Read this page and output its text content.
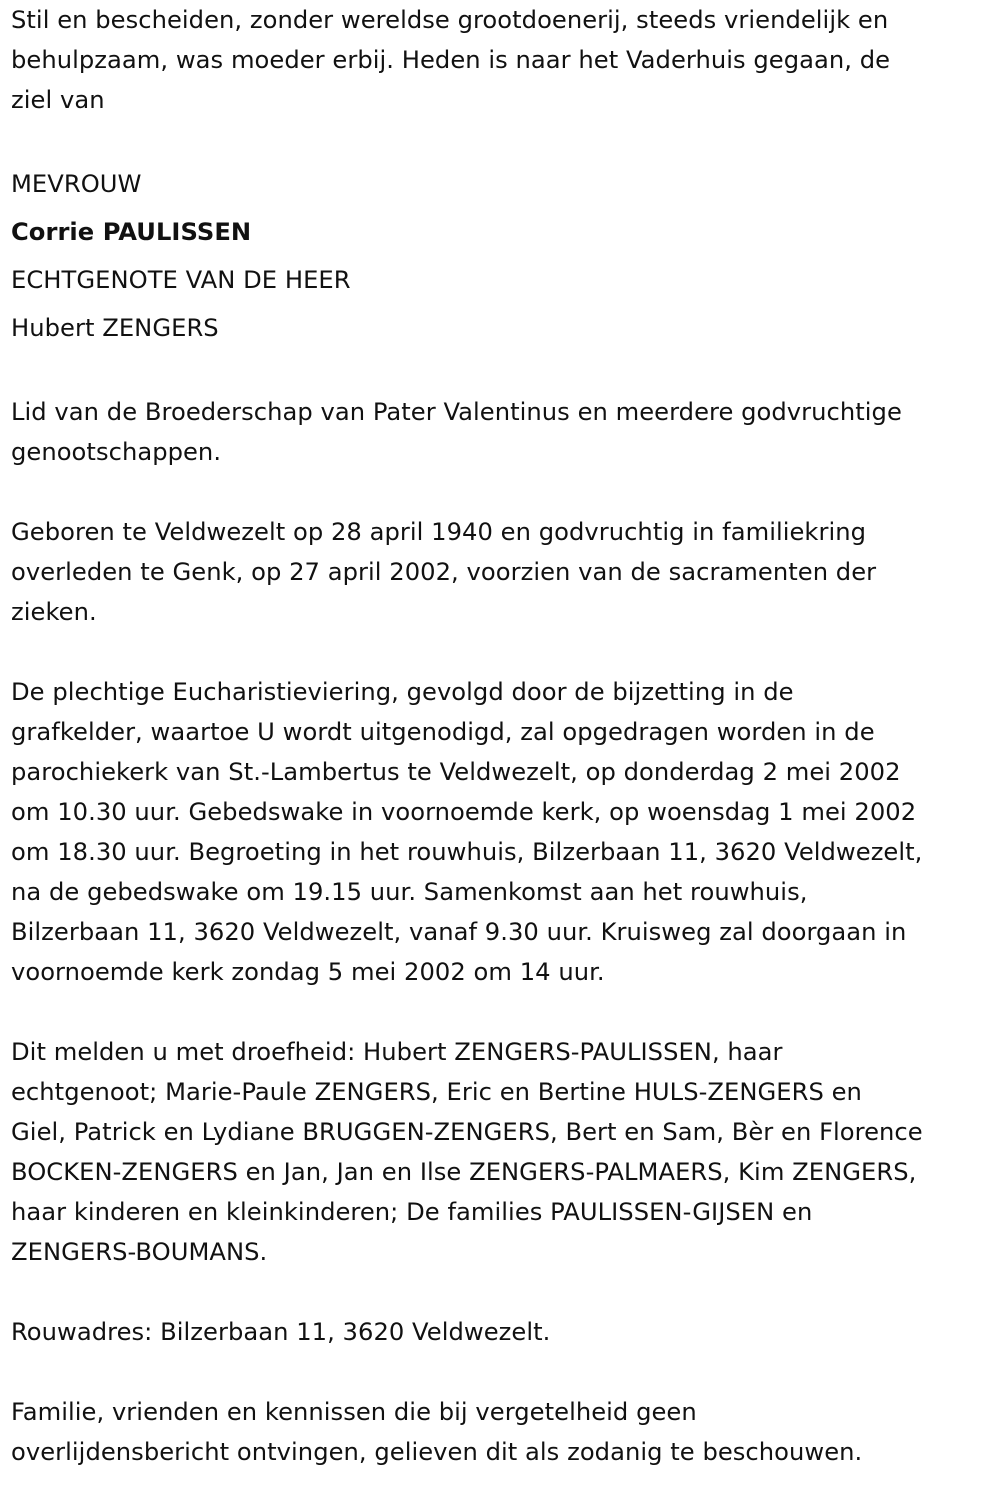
Stil en bescheiden, zonder wereldse grootdoenerij, steeds vriendelijk en
behulpzaam, was moeder erbij. Heden is naar het Vaderhuis gegaan, de
ziel van

MEVROUW
Corrie PAULISSEN
ECHTGENOTE VAN DE HEER
Hubert ZENGERS

Lid van de Broederschap van Pater Valentinus en meerdere godvruchtige
genootschappen.

Geboren te Veldwezelt op 28 april 1940 en godvruchtig in familiekring
overleden te Genk, op 27 april 2002, voorzien van de sacramenten der
zieken.

De plechtige Eucharistieviering, gevolgd door de bijzetting in de
grafkelder, waartoe U wordt uitgenodigd, zal opgedragen worden in de
parochiekerk van St.-Lambertus te Veldwezelt, op donderdag 2 mei 2002
om 10.30 uur. Gebedswake in voornoemde kerk, op woensdag 1 mei 2002
om 18.30 uur. Begroeting in het rouwhuis, Bilzerbaan 11, 3620 Veldwezelt,
na de gebedswake om 19.15 uur. Samenkomst aan het rouwhuis,
Bilzerbaan 11, 3620 Veldwezelt, vanaf 9.30 uur. Kruisweg zal doorgaan in
voornoemde kerk zondag 5 mei 2002 om 14 uur.

Dit melden u met droefheid: Hubert ZENGERS-PAULISSEN, haar
echtgenoot; Marie-Paule ZENGERS, Eric en Bertine HULS-ZENGERS en
Giel, Patrick en Lydiane BRUGGEN-ZENGERS, Bert en Sam, Bèr en Florence
BOCKEN-ZENGERS en Jan, Jan en Ilse ZENGERS-PALMAERS, Kim ZENGERS,
haar kinderen en kleinkinderen; De families PAULISSEN-GIJSEN en
ZENGERS-BOUMANS.

Rouwadres: Bilzerbaan 11, 3620 Veldwezelt.

Familie, vrienden en kennissen die bij vergetelheid geen
overlijdensbericht ontvingen, gelieven dit als zodanig te beschouwen.
